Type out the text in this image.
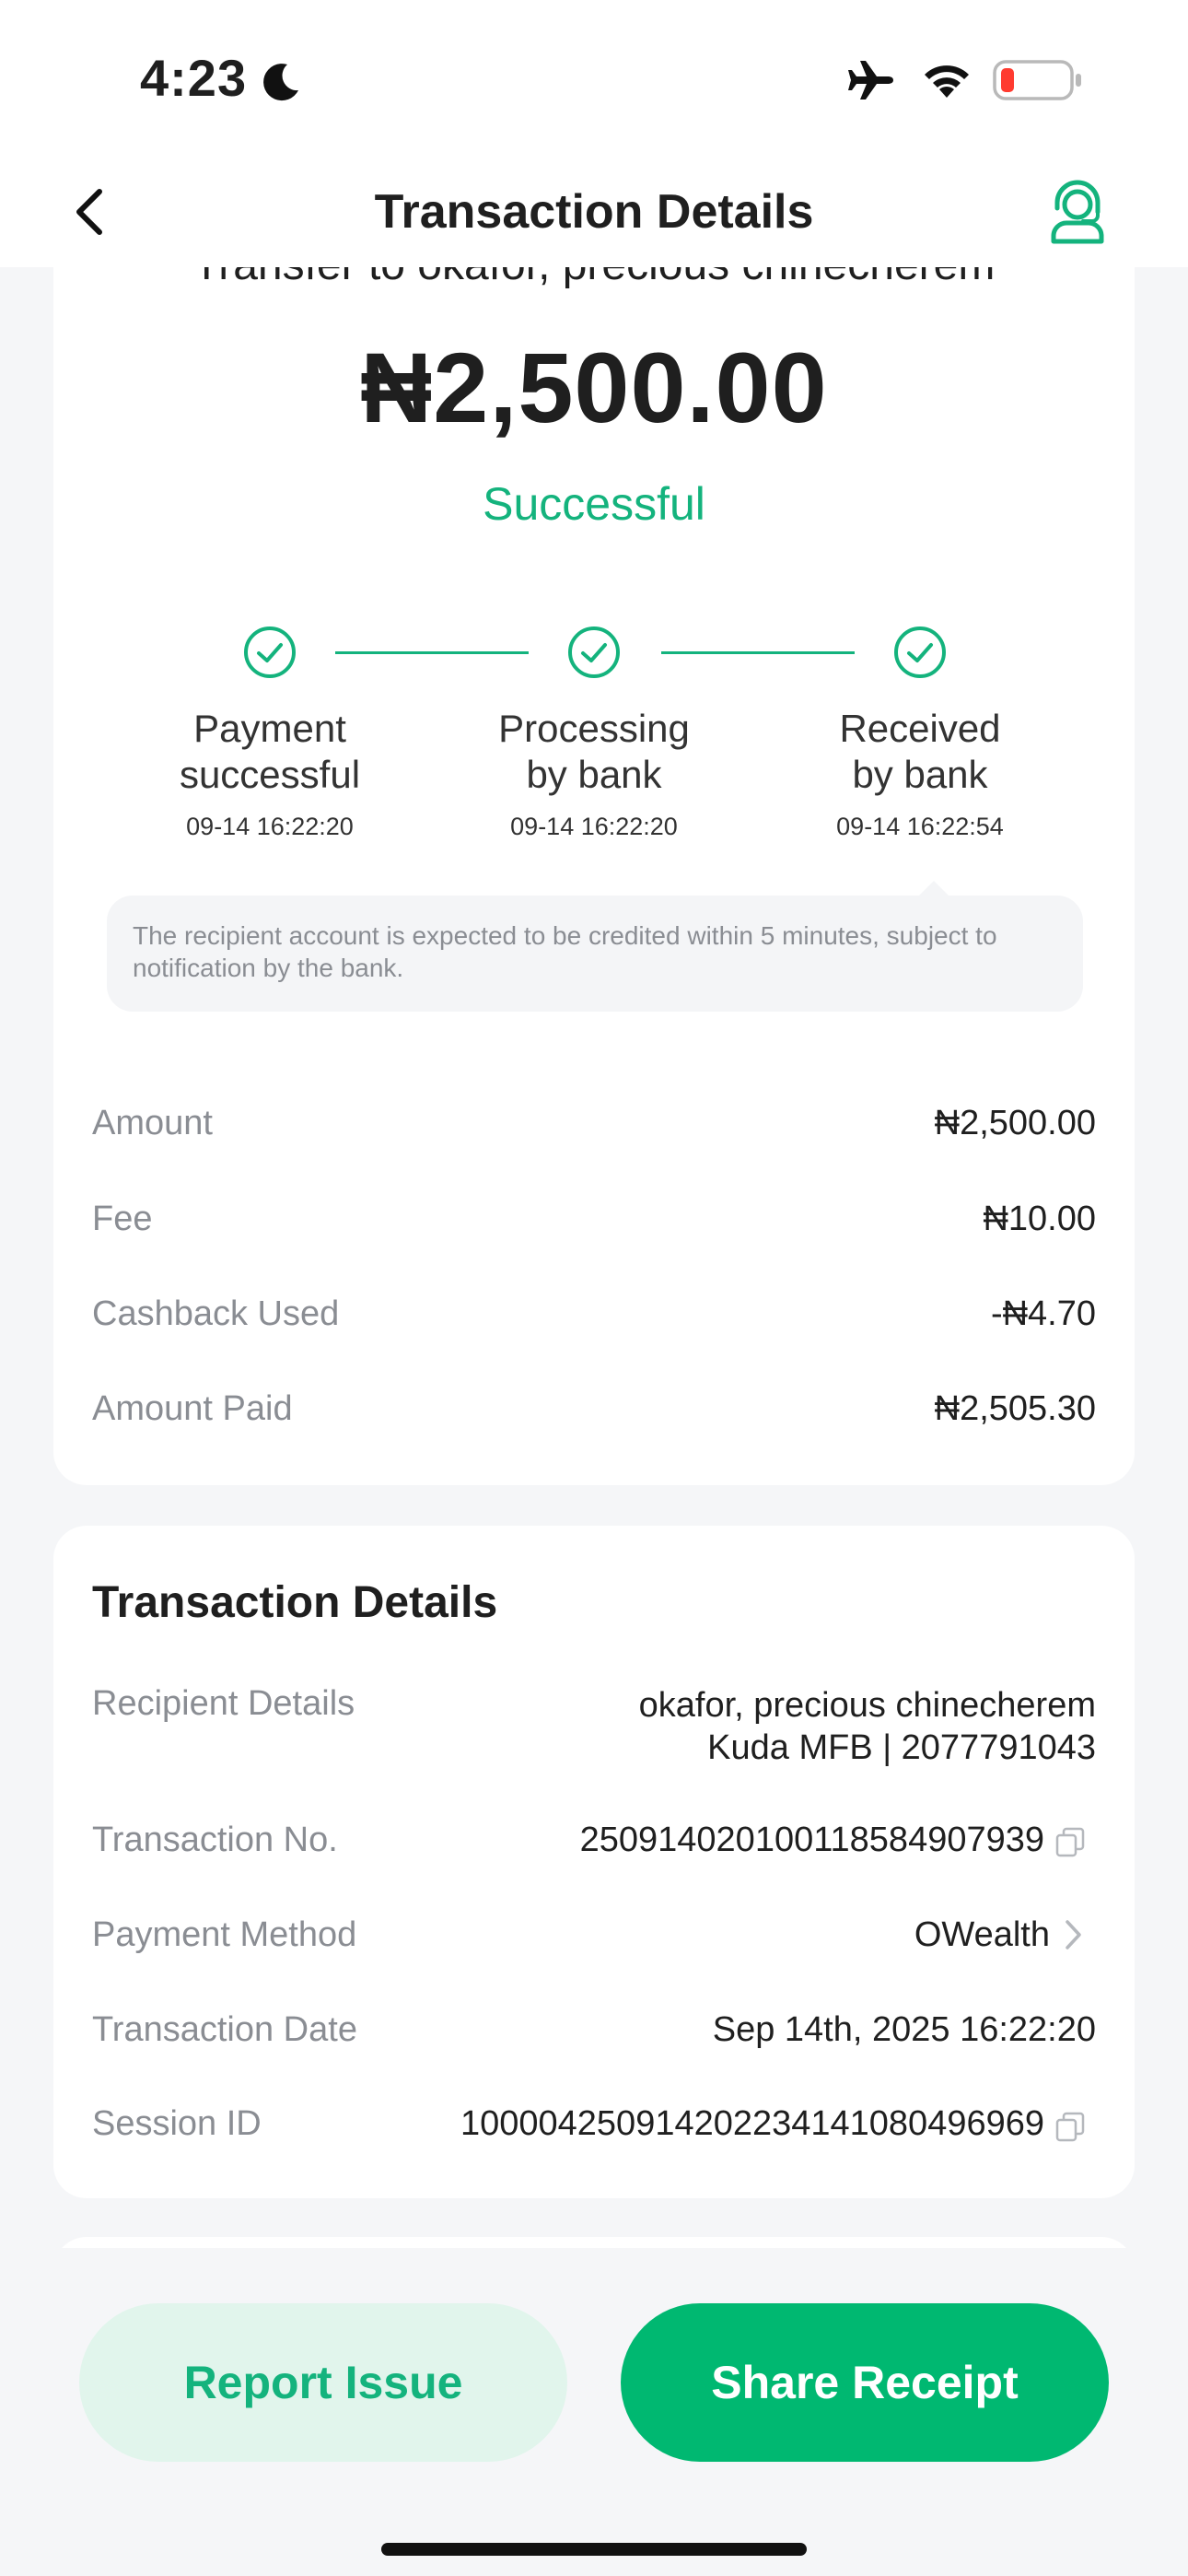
₦2,500.00
Successful
Payment
successful
09-14 16:22:20
Processing
by bank
09-14 16:22:20
Received
by bank
09-14 16:22:54
The recipient account is expected to be credited within 5 minutes, subject to notification by the bank.
Amount	₦2,500.00
Fee	₦10.00
Cashback Used	-₦4.70
Amount Paid	₦2,505.30
Transaction Details
Recipient Details	okafor, precious chinecherem
Kuda MFB | 2077791043
Transaction No.	250914020100118584907939
Payment Method	OWealth
Transaction Date	Sep 14th, 2025 16:22:20
Session ID	100004250914202234141080496969
4:23
Transaction Details
Report Issue	Share Receipt
